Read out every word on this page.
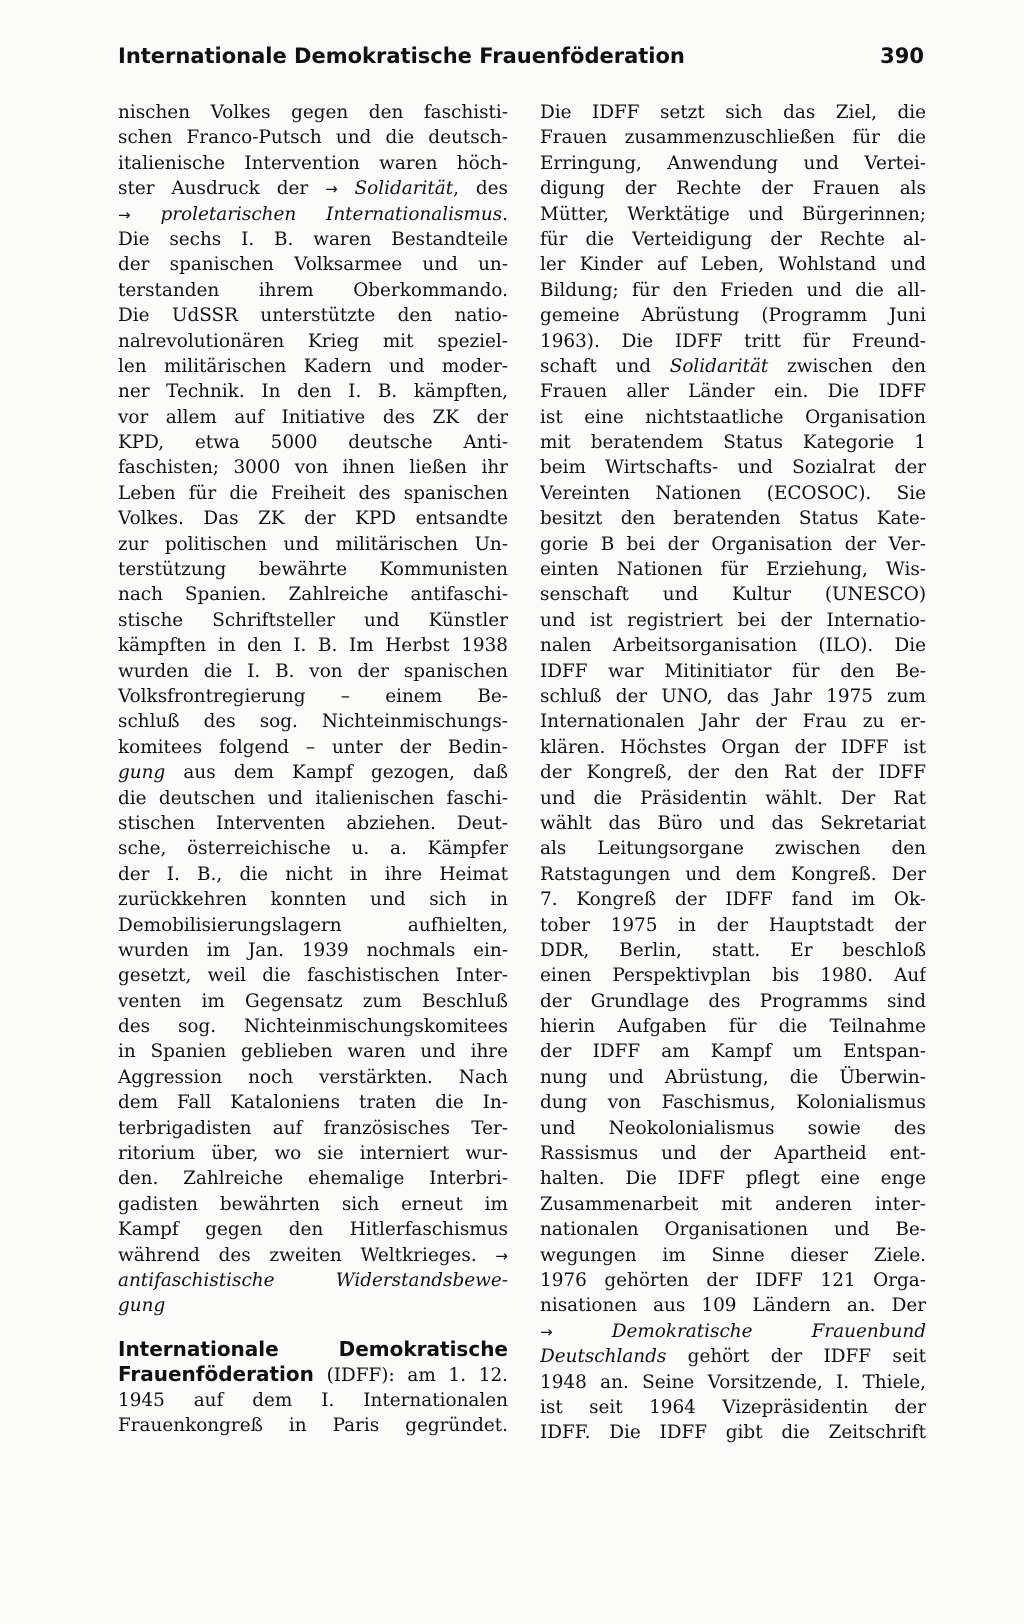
Internationale Demokratische Frauenföderation	390
nischen Volkes gegen den faschisti-
schen Franco-Putsch und die deutsch-
italienische Intervention waren höch-
ster Ausdruck der → Solidarität, des
→ proletarischen Internationalismus.
Die sechs I. B. waren Bestandteile
der spanischen Volksarmee und un-
terstanden ihrem Oberkommando.
Die UdSSR unterstützte den natio-
nalrevolutionären Krieg mit speziel-
len militärischen Kadern und moder-
ner Technik. In den I. B. kämpften,
vor allem auf Initiative des ZK der
KPD, etwa 5000 deutsche Anti-
faschisten; 3000 von ihnen ließen ihr
Leben für die Freiheit des spanischen
Volkes. Das ZK der KPD entsandte
zur politischen und militärischen Un-
terstützung bewährte Kommunisten
nach Spanien. Zahlreiche antifaschi-
stische Schriftsteller und Künstler
kämpften in den I. B. Im Herbst 1938
wurden die I. B. von der spanischen
Volksfrontregierung – einem Be-
schluß des sog. Nichteinmischungs-
komitees folgend – unter der Bedin-
gung aus dem Kampf gezogen, daß
die deutschen und italienischen faschi-
stischen Interventen abziehen. Deut-
sche, österreichische u. a. Kämpfer
der I. B., die nicht in ihre Heimat
zurückkehren konnten und sich in
Demobilisierungslagern aufhielten,
wurden im Jan. 1939 nochmals ein-
gesetzt, weil die faschistischen Inter-
venten im Gegensatz zum Beschluß
des sog. Nichteinmischungskomitees
in Spanien geblieben waren und ihre
Aggression noch verstärkten. Nach
dem Fall Kataloniens traten die In-
terbrigadisten auf französisches Ter-
ritorium über, wo sie interniert wur-
den. Zahlreiche ehemalige Interbri-
gadisten bewährten sich erneut im
Kampf gegen den Hitlerfaschismus
während des zweiten Weltkrieges. →
antifaschistische Widerstandsbewe-
gung
Internationale Demokratische
Frauenföderation (IDFF): am 1. 12.
1945 auf dem I. Internationalen
Frauenkongreß in Paris gegründet.
Die IDFF setzt sich das Ziel, die
Frauen zusammenzuschließen für die
Erringung, Anwendung und Vertei-
digung der Rechte der Frauen als
Mütter, Werktätige und Bürgerinnen;
für die Verteidigung der Rechte al-
ler Kinder auf Leben, Wohlstand und
Bildung; für den Frieden und die all-
gemeine Abrüstung (Programm Juni
1963). Die IDFF tritt für Freund-
schaft und Solidarität zwischen den
Frauen aller Länder ein. Die IDFF
ist eine nichtstaatliche Organisation
mit beratendem Status Kategorie 1
beim Wirtschafts- und Sozialrat der
Vereinten Nationen (ECOSOC). Sie
besitzt den beratenden Status Kate-
gorie B bei der Organisation der Ver-
einten Nationen für Erziehung, Wis-
senschaft und Kultur (UNESCO)
und ist registriert bei der Internatio-
nalen Arbeitsorganisation (ILO). Die
IDFF war Mitinitiator für den Be-
schluß der UNO, das Jahr 1975 zum
Internationalen Jahr der Frau zu er-
klären. Höchstes Organ der IDFF ist
der Kongreß, der den Rat der IDFF
und die Präsidentin wählt. Der Rat
wählt das Büro und das Sekretariat
als Leitungsorgane zwischen den
Ratstagungen und dem Kongreß. Der
7. Kongreß der IDFF fand im Ok-
tober 1975 in der Hauptstadt der
DDR, Berlin, statt. Er beschloß
einen Perspektivplan bis 1980. Auf
der Grundlage des Programms sind
hierin Aufgaben für die Teilnahme
der IDFF am Kampf um Entspan-
nung und Abrüstung, die Überwin-
dung von Faschismus, Kolonialismus
und Neokolonialismus sowie des
Rassismus und der Apartheid ent-
halten. Die IDFF pflegt eine enge
Zusammenarbeit mit anderen inter-
nationalen Organisationen und Be-
wegungen im Sinne dieser Ziele.
1976 gehörten der IDFF 121 Orga-
nisationen aus 109 Ländern an. Der
→	Demokratische Frauenbund
Deutschlands gehört der IDFF seit
1948 an. Seine Vorsitzende, I. Thiele,
ist seit 1964 Vizepräsidentin der
IDFF. Die IDFF gibt die Zeitschrift
